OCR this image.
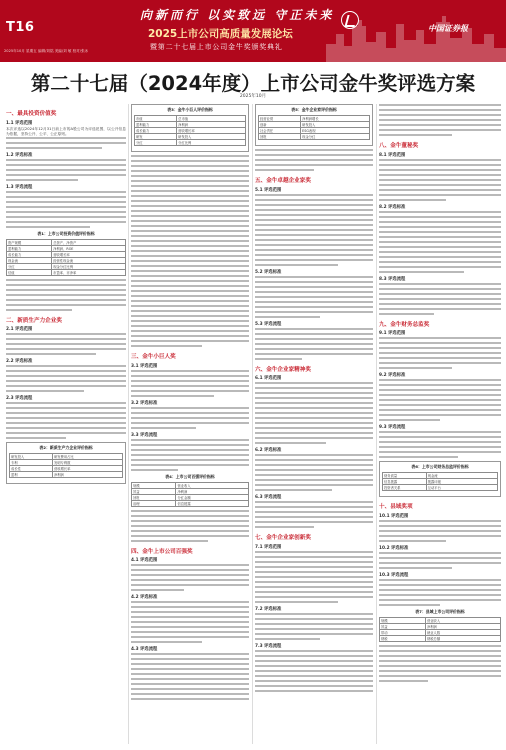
T16
2025年10月 星期五 编辑/刘铭 美编/刘 敏 校对/张冰
向新而行 以实致远 守正未来
2025上市公司高质量发展论坛
暨第二十七届上市公司金牛奖颁奖典礼
中国证券报
第二十七届（2024年度）上市公司金牛奖评选方案
2025年10月
一、最具投资价值奖
1.1 评选范围
本次评选以2024年12月31日前上市的A股公司为评选范围，以公开信息为依据，坚持公开、公平、公正原则。
1.2 评选标准
1.3 评选流程
表1：上市公司投资价值评价指标
资产规模	总资产、净资产
盈利能力	净利润、ROE
成长能力	营收增长率
现金流	经营性现金流
分红	现金分红比例
估值	市盈率、市净率
二、新质生产力企业奖
2.1 评选范围
2.2 评选标准
2.3 评选流程
表2：新质生产力企业评价指标
研发投入	研发费用占比
专利	发明专利数
成长性	营收增长率
盈利	净利润
表3：金牛小巨人评价指标
市值	总市值
盈利能力	净利润
成长能力	营收增长率
研发	研发投入
分红	分红比例
三、金牛小巨人奖
3.1 评选范围
3.2 评选标准
3.3 评选流程
表4：上市公司百强评价指标
规模	营业收入
效益	净利润
回报	分红金额
治理	信息披露
四、金牛上市公司百强奖
4.1 评选范围
4.2 评选标准
4.3 评选流程
表5：金牛企业家评价指标
经营业绩	净利润增长
创新	研发投入
社会责任	ESG表现
回报	现金分红
五、金牛卓越企业家奖
5.1 评选范围
5.2 评选标准
5.3 评选流程
六、金牛企业家精神奖
6.1 评选范围
6.2 评选标准
6.3 评选流程
七、金牛企业家创新奖
7.1 评选范围
7.2 评选标准
7.3 评选流程
八、金牛董秘奖
8.1 评选范围
8.2 评选标准
8.3 评选流程
九、金牛财务总监奖
9.1 评选范围
9.2 评选标准
9.3 评选流程
表6：上市公司财务总监评价指标
财务质量	现金流
信息披露	披露评级
投资者关系	互动平台
十、县域奖项
10.1 评选范围
10.2 评选标准
10.3 评选流程
表7：县域上市公司评价指标
规模	营业收入
效益	净利润
带动	就业人数
纳税	纳税总额
